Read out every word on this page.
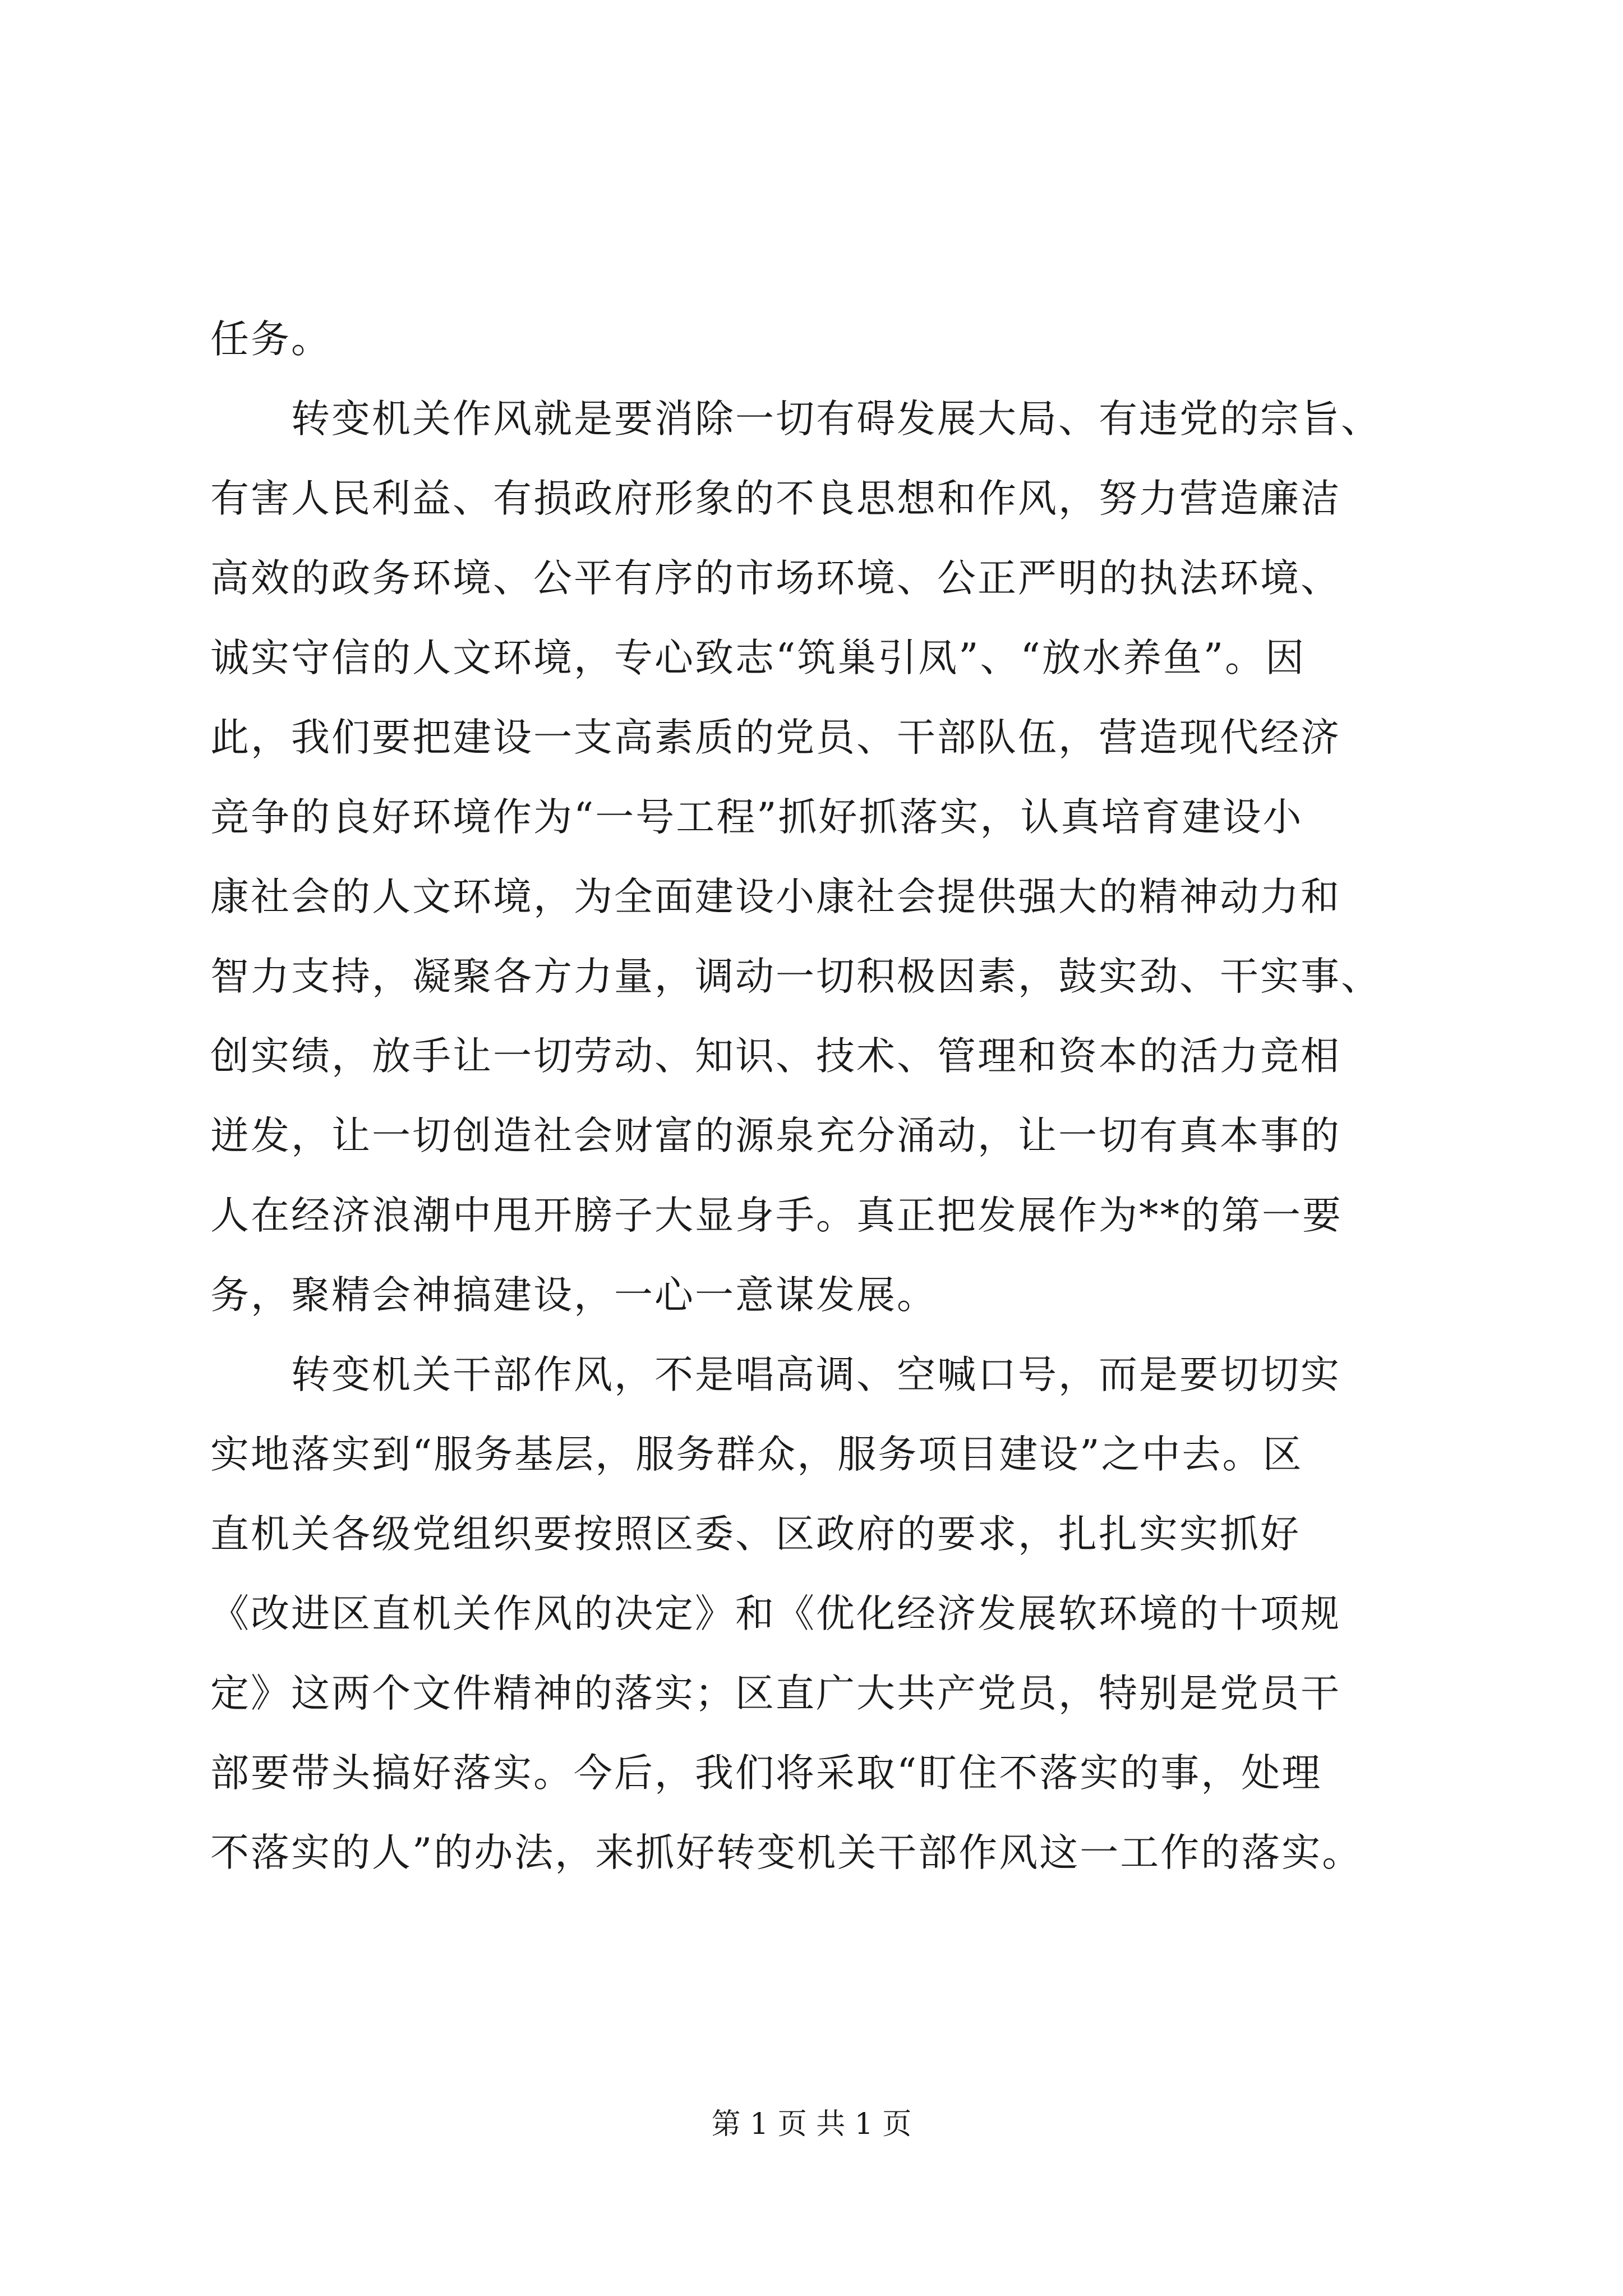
任务。
　　转变机关作风就是要消除一切有碍发展大局、有违党的宗旨、
有害人民利益、有损政府形象的不良思想和作风，努力营造廉洁
高效的政务环境、公平有序的市场环境、公正严明的执法环境、
诚实守信的人文环境，专心致志“筑巢引凤”、“放水养鱼”。因
此，我们要把建设一支高素质的党员、干部队伍，营造现代经济
竞争的良好环境作为“一号工程”抓好抓落实，认真培育建设小
康社会的人文环境，为全面建设小康社会提供强大的精神动力和
智力支持，凝聚各方力量，调动一切积极因素，鼓实劲、干实事、
创实绩，放手让一切劳动、知识、技术、管理和资本的活力竞相
迸发，让一切创造社会财富的源泉充分涌动，让一切有真本事的
人在经济浪潮中甩开膀子大显身手。真正把发展作为**的第一要
务，聚精会神搞建设，一心一意谋发展。
　　转变机关干部作风，不是唱高调、空喊口号，而是要切切实
实地落实到“服务基层，服务群众，服务项目建设”之中去。区
直机关各级党组织要按照区委、区政府的要求，扎扎实实抓好
《改进区直机关作风的决定》和《优化经济发展软环境的十项规
定》这两个文件精神的落实；区直广大共产党员，特别是党员干
部要带头搞好落实。今后，我们将采取“盯住不落实的事，处理
不落实的人”的办法，来抓好转变机关干部作风这一工作的落实。
第 1 页 共 1 页
